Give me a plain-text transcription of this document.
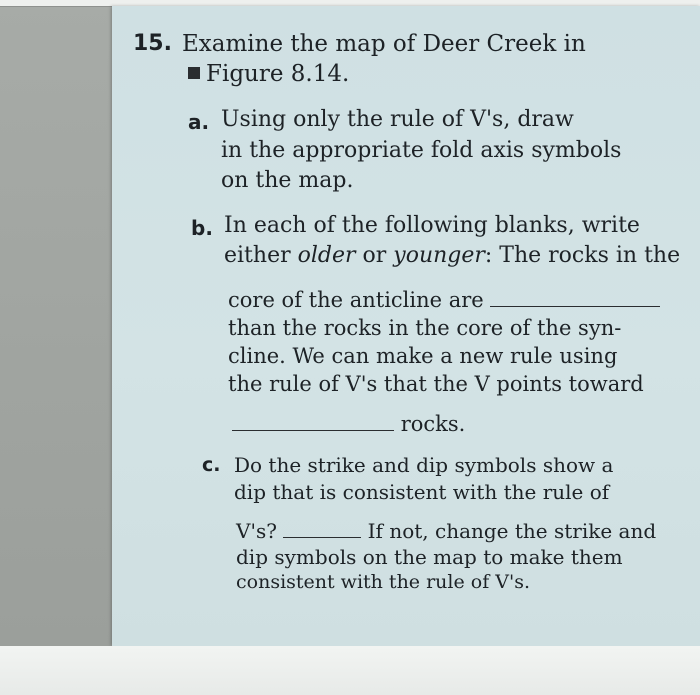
15. Examine the map of Deer Creek in
Figure 8.14.
a. Using only the rule of V's, draw
in the appropriate fold axis symbols
on the map.
b. In each of the following blanks, write
either older or younger: The rocks in the
core of the anticline are
than the rocks in the core of the syn-
cline. We can make a new rule using
the rule of V's that the V points toward
rocks.
c. Do the strike and dip symbols show a
dip that is consistent with the rule of
V's?	If not, change the strike and
dip symbols on the map to make them
consistent with the rule of V's.
